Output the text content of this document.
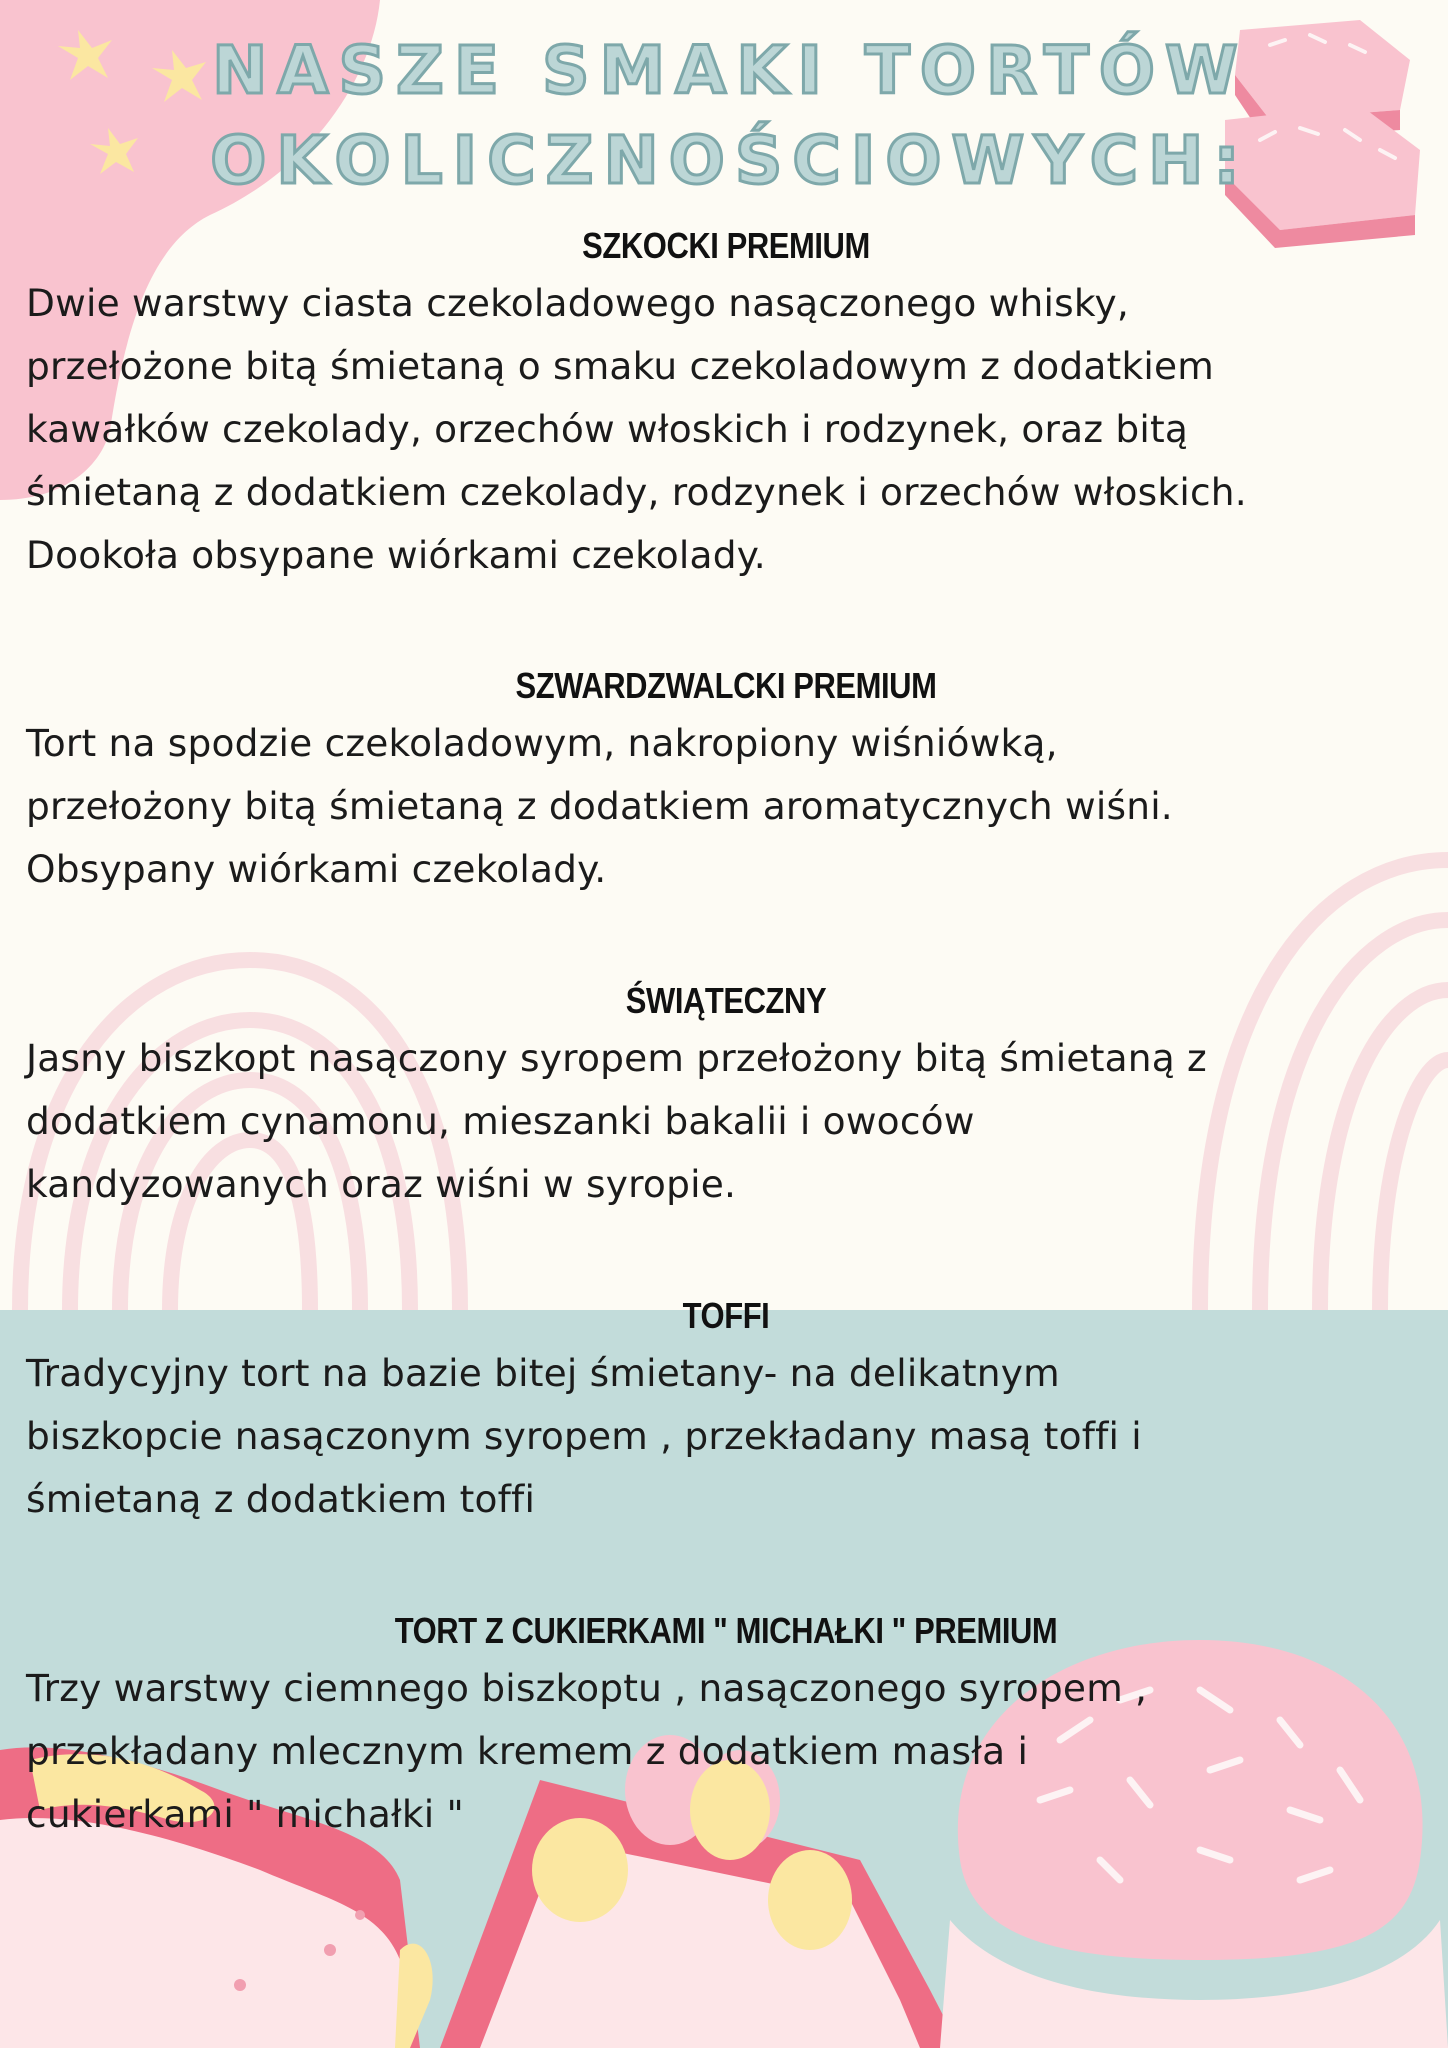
NASZE SMAKI TORTÓW
OKOLICZNOŚCIOWYCH:
SZKOCKI PREMIUM

Dwie warstwy ciasta czekoladowego nasączonego whisky,
przełożone bitą śmietaną o smaku czekoladowym z dodatkiem
kawałków czekolady, orzechów włoskich i rodzynek, oraz bitą
śmietaną z dodatkiem czekolady, rodzynek i orzechów włoskich.
Dookoła obsypane wiórkami czekolady.

SZWARDZWALCKI PREMIUM

Tort na spodzie czekoladowym, nakropiony wiśniówką,
przełożony bitą śmietaną z dodatkiem aromatycznych wiśni.
Obsypany wiórkami czekolady.

ŚWIĄTECZNY

Jasny biszkopt nasączony syropem przełożony bitą śmietaną z
dodatkiem cynamonu, mieszanki bakalii i owoców
kandyzowanych oraz wiśni w syropie.

TOFFI

Tradycyjny tort na bazie bitej śmietany- na delikatnym
biszkopcie nasączonym syropem , przekładany masą toffi i
śmietaną z dodatkiem toffi

TORT Z CUKIERKAMI " MICHAŁKI " PREMIUM

Trzy warstwy ciemnego biszkoptu , nasączonego syropem ,
przekładany mlecznym kremem z dodatkiem masła i
cukierkami " michałki "
